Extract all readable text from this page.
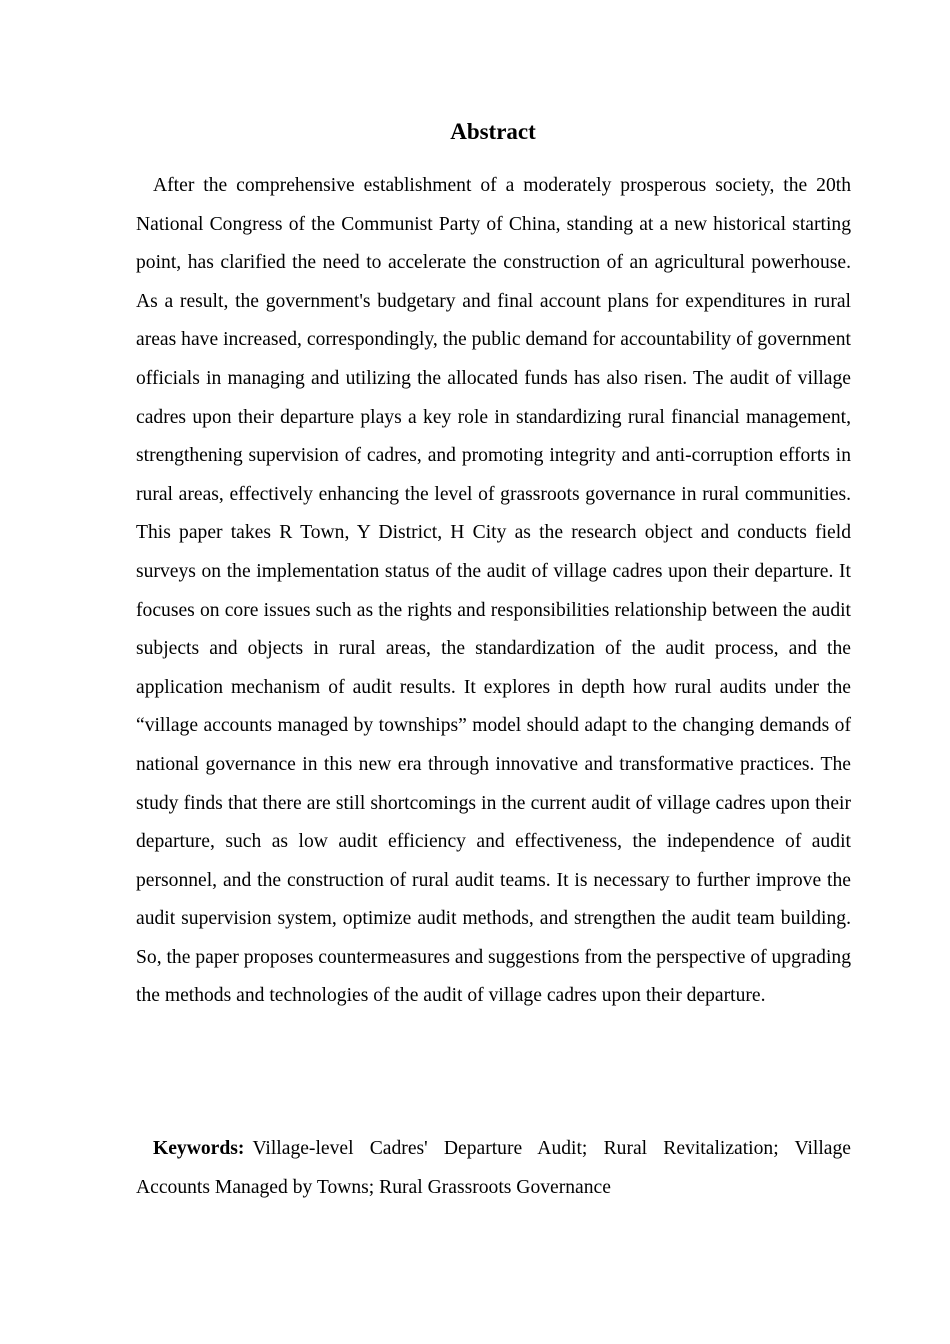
Abstract

After the comprehensive establishment of a moderately prosperous society, the 20th National Congress of the Communist Party of China, standing at a new historical starting point, has clarified the need to accelerate the construction of an agricultural powerhouse. As a result, the government's budgetary and final account plans for expenditures in rural areas have increased, correspondingly, the public demand for accountability of government officials in managing and utilizing the allocated funds has also risen. The audit of village cadres upon their departure plays a key role in standardizing rural financial management, strengthening supervision of cadres, and promoting integrity and anti-corruption efforts in rural areas, effectively enhancing the level of grassroots governance in rural communities. This paper takes R Town, Y District, H City as the research object and conducts field surveys on the implementation status of the audit of village cadres upon their departure. It focuses on core issues such as the rights and responsibilities relationship between the audit subjects and objects in rural areas, the standardization of the audit process, and the application mechanism of audit results. It explores in depth how rural audits under the “village accounts managed by townships” model should adapt to the changing demands of national governance in this new era through innovative and transformative practices. The study finds that there are still shortcomings in the current audit of village cadres upon their departure, such as low audit efficiency and effectiveness, the independence of audit personnel, and the construction of rural audit teams. It is necessary to further improve the audit supervision system, optimize audit methods, and strengthen the audit team building. So, the paper proposes countermeasures and suggestions from the perspective of upgrading the methods and technologies of the audit of village cadres upon their departure.

Keywords: Village-level Cadres' Departure Audit; Rural Revitalization; Village Accounts Managed by Towns; Rural Grassroots Governance
